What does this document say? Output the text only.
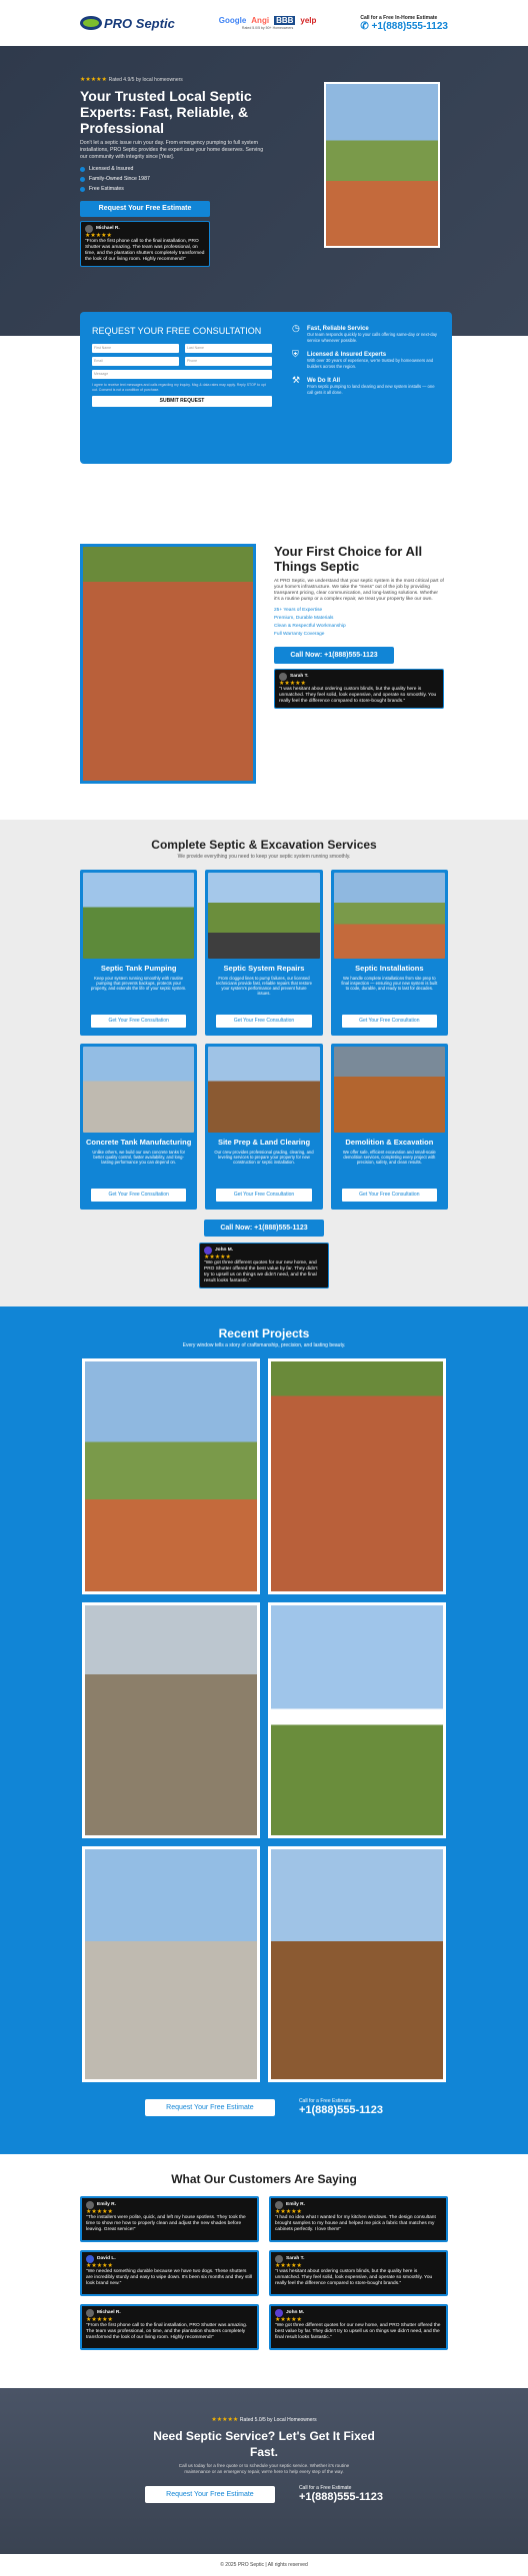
PRO Septic	Google Angi BBB yelp
Rated 5.0/5 by 50+ Homeowners
Call for a Free In-Home Estimate
✆ +1(888)555-1123
★★★★★ Rated 4.9/5 by local homeowners
Your Trusted Local Septic Experts: Fast, Reliable, & Professional

Don't let a septic issue ruin your day. From emergency pumping to full system installations, PRO Septic provides the expert care your home deserves. Serving our community with integrity since [Year].

Licensed & Insured
Family-Owned Since 1987
Free Estimates
Request Your Free Estimate
Michael R.
★★★★★
"From the first phone call to the final installation, PRO Shutter was amazing. The team was professional, on time, and the plantation shutters completely transformed the look of our living room. Highly recommend!"
REQUEST YOUR FREE CONSULTATION
First Name	Last Name
Email	Phone
Message
I agree to receive text messages and calls regarding my inquiry. Msg & data rates may apply. Reply STOP to opt out. Consent is not a condition of purchase.
SUBMIT REQUEST
◷	Fast, Reliable Service
Our team responds quickly to your calls offering same-day or next-day service whenever possible.
⛨	Licensed & Insured Experts
With over 30 years of experience, we're trusted by homeowners and builders across the region.
⚒	We Do It All
From septic pumping to land clearing and new system installs — one call gets it all done.
Your First Choice for All Things Septic

At PRO Septic, we understand that your septic system is the most critical part of your home's infrastructure. We take the "mess" out of the job by providing transparent pricing, clear communication, and long-lasting solutions. Whether it's a routine pump or a complex repair, we treat your property like our own.

25+ Years of Expertise
Premium, Durable Materials
Clean & Respectful Workmanship
Full Warranty Coverage
Call Now: +1(888)555-1123
Sarah T.
★★★★★
"I was hesitant about ordering custom blinds, but the quality here is unmatched. They feel solid, look expensive, and operate so smoothly. You really feel the difference compared to store-bought brands."
Complete Septic & Excavation Services
We provide everything you need to keep your septic system running smoothly.
Septic Tank Pumping

Keep your system running smoothly with routine pumping that prevents backups, protects your property, and extends the life of your septic system.

Get Your Free Consultation
Septic System Repairs

From clogged lines to pump failures, our licensed technicians provide fast, reliable repairs that restore your system's performance and prevent future issues.

Get Your Free Consultation
Septic Installations

We handle complete installations from site prep to final inspection — ensuring your new system is built to code, durable, and ready to last for decades.

Get Your Free Consultation
Concrete Tank Manufacturing

Unlike others, we build our own concrete tanks for better quality control, faster availability, and long-lasting performance you can depend on.

Get Your Free Consultation
Site Prep & Land Clearing

Our crew provides professional grading, clearing, and leveling services to prepare your property for new construction or septic installation.

Get Your Free Consultation
Demolition & Excavation

We offer safe, efficient excavation and small-scale demolition services, completing every project with precision, safety, and clean results.

Get Your Free Consultation
Call Now: +1(888)555-1123
John M.
★★★★★
"We got three different quotes for our new home, and PRO Shutter offered the best value by far. They didn't try to upsell us on things we didn't need, and the final result looks fantastic."
Recent Projects
Every window tells a story of craftsmanship, precision, and lasting beauty.
Request Your Free Estimate
Call for a Free Estimate
+1(888)555-1123
What Our Customers Are Saying
Emily R.
★★★★★
"The installers were polite, quick, and left my house spotless. They took the time to show me how to properly clean and adjust the new shades before leaving. Great service!"
Emily R.
★★★★★
"I had no idea what I wanted for my kitchen windows. The design consultant brought samples to my house and helped me pick a fabric that matches my cabinets perfectly. I love them!"
David L.
★★★★★
"We needed something durable because we have two dogs. These shutters are incredibly sturdy and easy to wipe down. It's been six months and they still look brand new."
Sarah T.
★★★★★
"I was hesitant about ordering custom blinds, but the quality here is unmatched. They feel solid, look expensive, and operate so smoothly. You really feel the difference compared to store-bought brands."
Michael R.
★★★★★
"From the first phone call to the final installation, PRO Shutter was amazing. The team was professional, on time, and the plantation shutters completely transformed the look of our living room. Highly recommend!"
John M.
★★★★★
"We got three different quotes for our new home, and PRO Shutter offered the best value by far. They didn't try to upsell us on things we didn't need, and the final result looks fantastic."
★★★★★ Rated 5.0/5 by Local Homeowners
Need Septic Service? Let's Get It Fixed Fast.

Call us today for a free quote or to schedule your septic service. Whether it's routine maintenance or an emergency repair, we're here to help every step of the way.

Request Your Free Estimate
Call for a Free Estimate
+1(888)555-1123
© 2025 PRO Septic | All rights reserved
